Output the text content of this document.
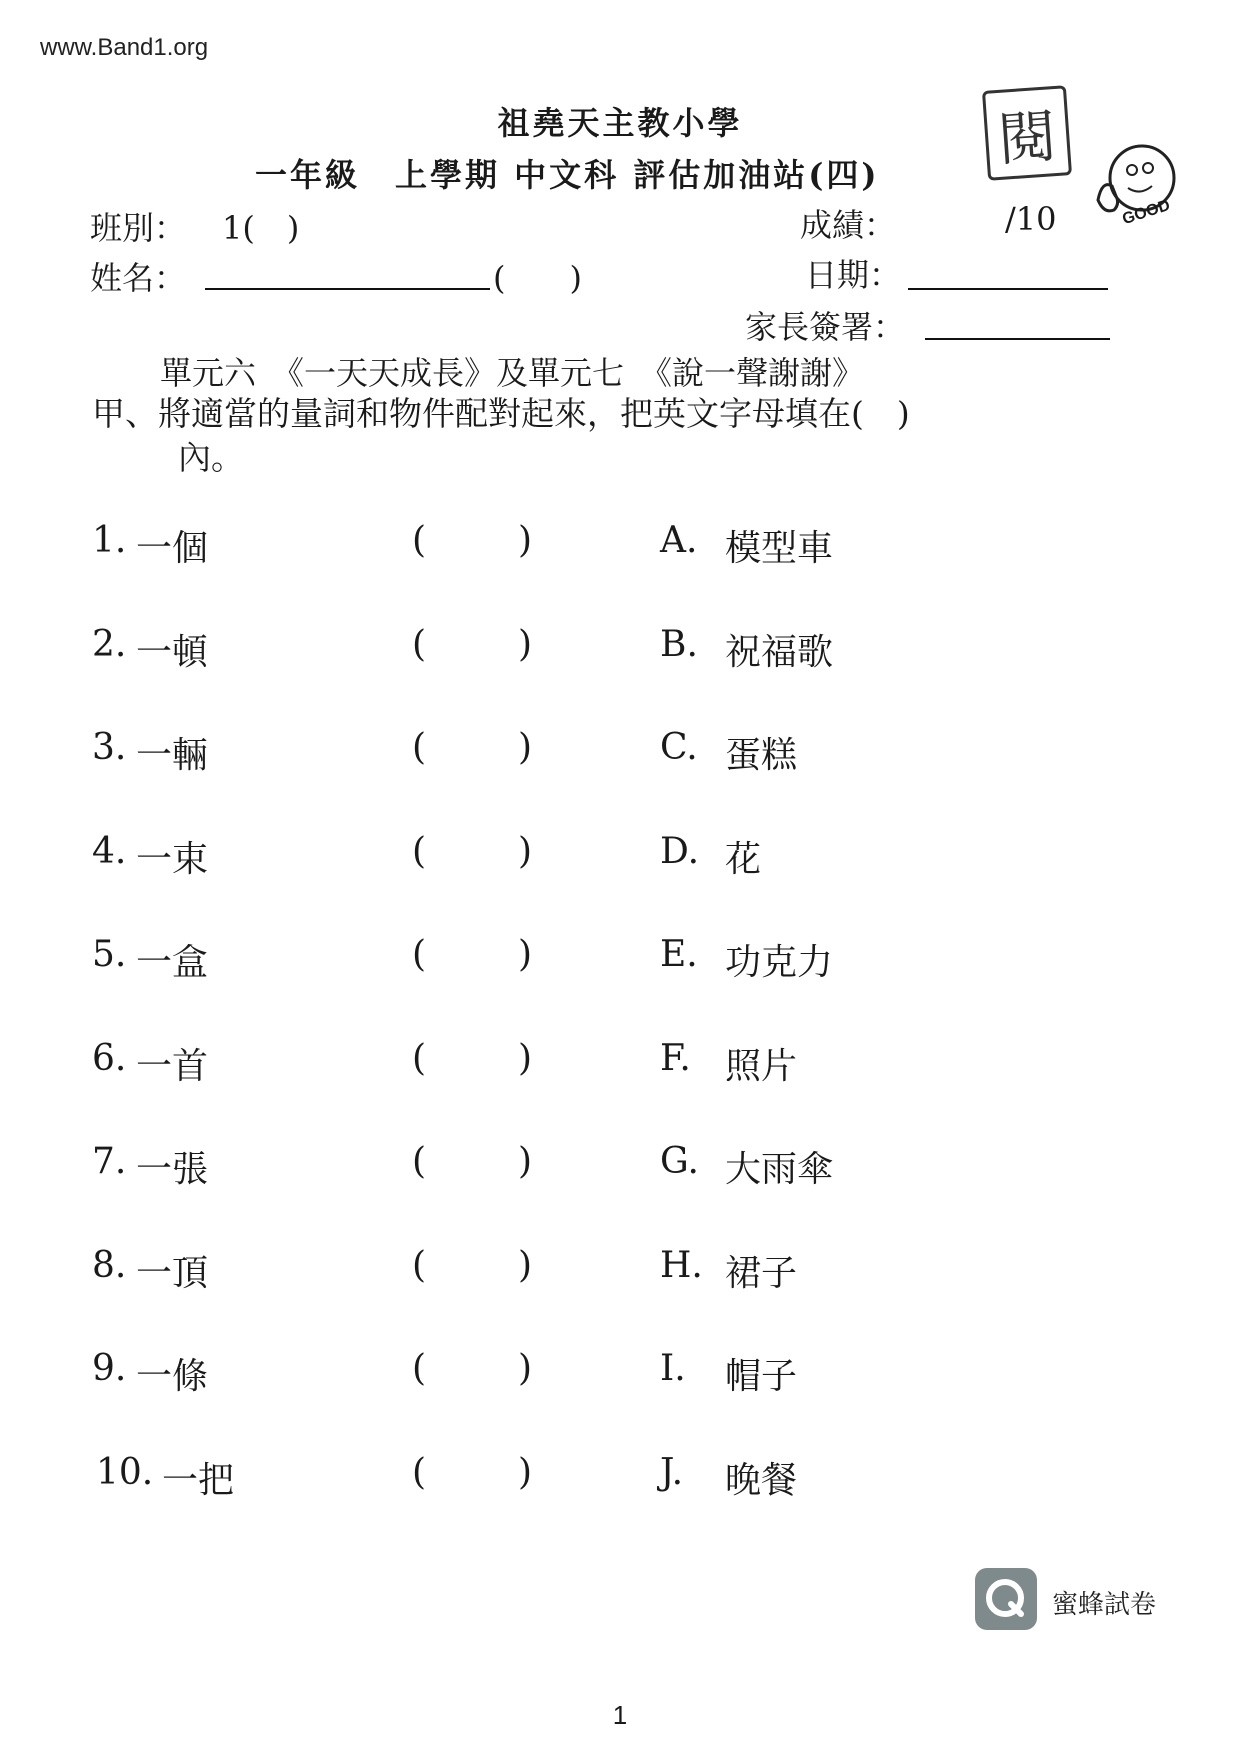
www.Band1.org
祖堯天主教小學
一年級　上學期 中文科 評估加油站(四)
閱
GOOD
班別： 1(　)	成績：	/10
姓名：	(　　)	日期：
家長簽署：
單元六　《一天天成長》及單元七　《說一聲謝謝》
甲、將適當的量詞和物件配對起來，把英文字母填在(　)
內。
1. 一個	(	)	A. 模型車
2. 一頓	(	)	B. 祝福歌
3. 一輛	(	)	C. 蛋糕
4. 一束	(	)	D. 花
5. 一盒	(	)	E. 功克力
6. 一首	(	)	F. 照片
7. 一張	(	)	G. 大雨傘
8. 一頂	(	)	H. 裙子
9. 一條	(	)	I. 帽子
10. 一把	(	)	J. 晚餐
蜜蜂試卷
1
